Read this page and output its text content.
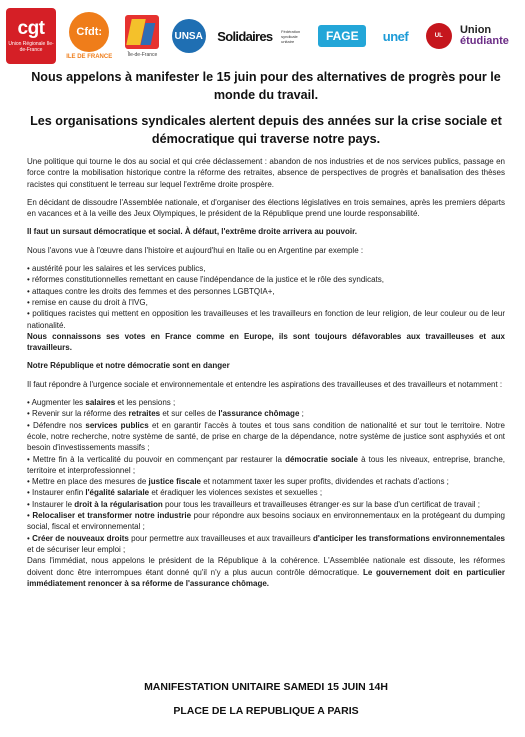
cgt
Union Régionale Ile-de-France
Cfdt:
ILE DE FRANCE	Île-de-France
UNSA Solidaires Fédération syndicale unitaire	FAGE	unef	UL	Union
étudiante
Nous appelons à manifester le 15 juin pour des alternatives de progrès pour le monde du travail.
Les organisations syndicales alertent depuis des années sur la crise sociale et démocratique qui traverse notre pays.

Une politique qui tourne le dos au social et qui crée déclassement : abandon de nos industries et de nos services publics, passage en force contre la mobilisation historique contre la réforme des retraites, absence de perspectives de progrès et banalisation des thèses racistes qui constituent le terreau sur lequel l'extrême droite prospère.

En décidant de dissoudre l'Assemblée nationale, et d'organiser des élections législatives en trois semaines, après les premiers départs en vacances et à la veille des Jeux Olympiques, le président de la République prend une lourde responsabilité.

Il faut un sursaut démocratique et social. À défaut, l'extrême droite arrivera au pouvoir.

Nous l'avons vue à l'œuvre dans l'histoire et aujourd'hui en Italie ou en Argentine par exemple :

• austérité pour les salaires et les services publics,
• réformes constitutionnelles remettant en cause l'indépendance de la justice et le rôle des syndicats,
• attaques contre les droits des femmes et des personnes LGBTQIA+,
• remise en cause du droit à l'IVG,
• politiques racistes qui mettent en opposition les travailleuses et les travailleurs en fonction de leur religion, de leur couleur ou de leur nationalité.

Nous connaissons ses votes en France comme en Europe, ils sont toujours défavorables aux travailleuses et aux travailleurs.

Notre République et notre démocratie sont en danger

Il faut répondre à l'urgence sociale et environnementale et entendre les aspirations des travailleuses et des travailleurs et notamment :

• Augmenter les salaires et les pensions ;
• Revenir sur la réforme des retraites et sur celles de l'assurance chômage ;
• Défendre nos services publics et en garantir l'accès à toutes et tous sans condition de nationalité et sur tout le territoire. Notre école, notre recherche, notre système de santé, de prise en charge de la dépendance, notre système de justice sont asphyxiés et ont besoin d'investissements massifs ;
• Mettre fin à la verticalité du pouvoir en commençant par restaurer la démocratie sociale à tous les niveaux, entreprise, branche, territoire et interprofessionnel ;
• Mettre en place des mesures de justice fiscale et notamment taxer les super profits, dividendes et rachats d'actions ;
• Instaurer enfin l'égalité salariale et éradiquer les violences sexistes et sexuelles ;
• Instaurer le droit à la régularisation pour tous les travailleurs et travailleuses étranger·es sur la base d'un certificat de travail ;
• Relocaliser et transformer notre industrie pour répondre aux besoins sociaux en environnementaux en la protégeant du dumping social, fiscal et environnemental ;
• Créer de nouveaux droits pour permettre aux travailleuses et aux travailleurs d'anticiper les transformations environnementales et de sécuriser leur emploi ;

Dans l'immédiat, nous appelons le président de la République à la cohérence. L'Assemblée nationale est dissoute, les réformes doivent donc être interrompues étant donné qu'il n'y a plus aucun contrôle démocratique. Le gouvernement doit en particulier immédiatement renoncer à sa réforme de l'assurance chômage.

MANIFESTATION UNITAIRE SAMEDI 15 JUIN 14H
PLACE DE LA REPUBLIQUE A PARIS
